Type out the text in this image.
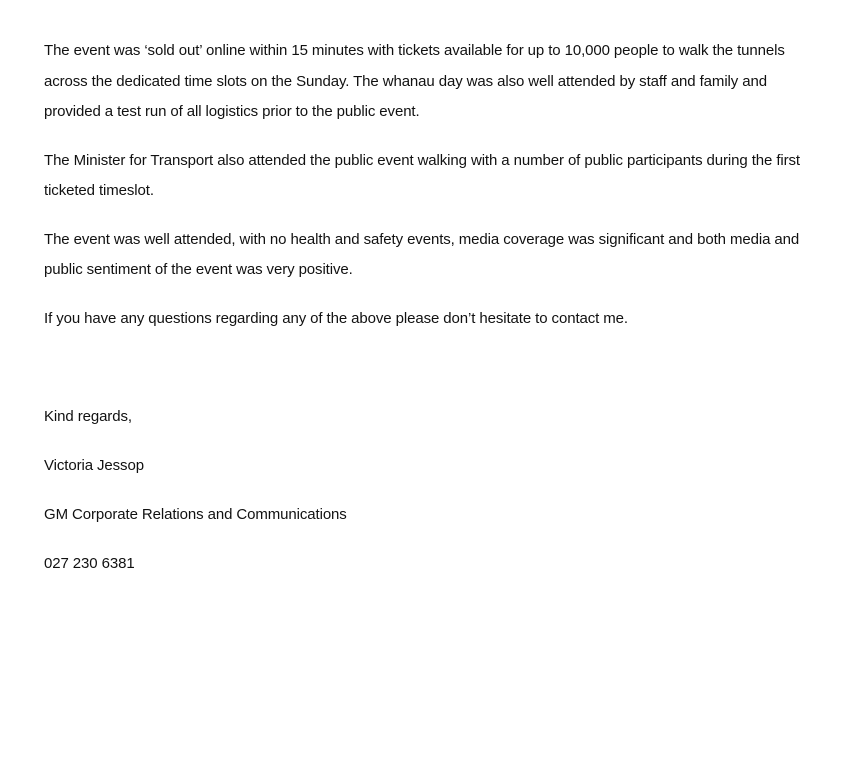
The event was ‘sold out’ online within 15 minutes with tickets available for up to 10,000 people to walk the tunnels across the dedicated time slots on the Sunday. The whanau day was also well attended by staff and family and provided a test run of all logistics prior to the public event.

The Minister for Transport also attended the public event walking with a number of public participants during the first ticketed timeslot.

The event was well attended, with no health and safety events, media coverage was significant and both media and public sentiment of the event was very positive.

If you have any questions regarding any of the above please don’t hesitate to contact me.

Kind regards,

Victoria Jessop

GM Corporate Relations and Communications

027 230 6381
